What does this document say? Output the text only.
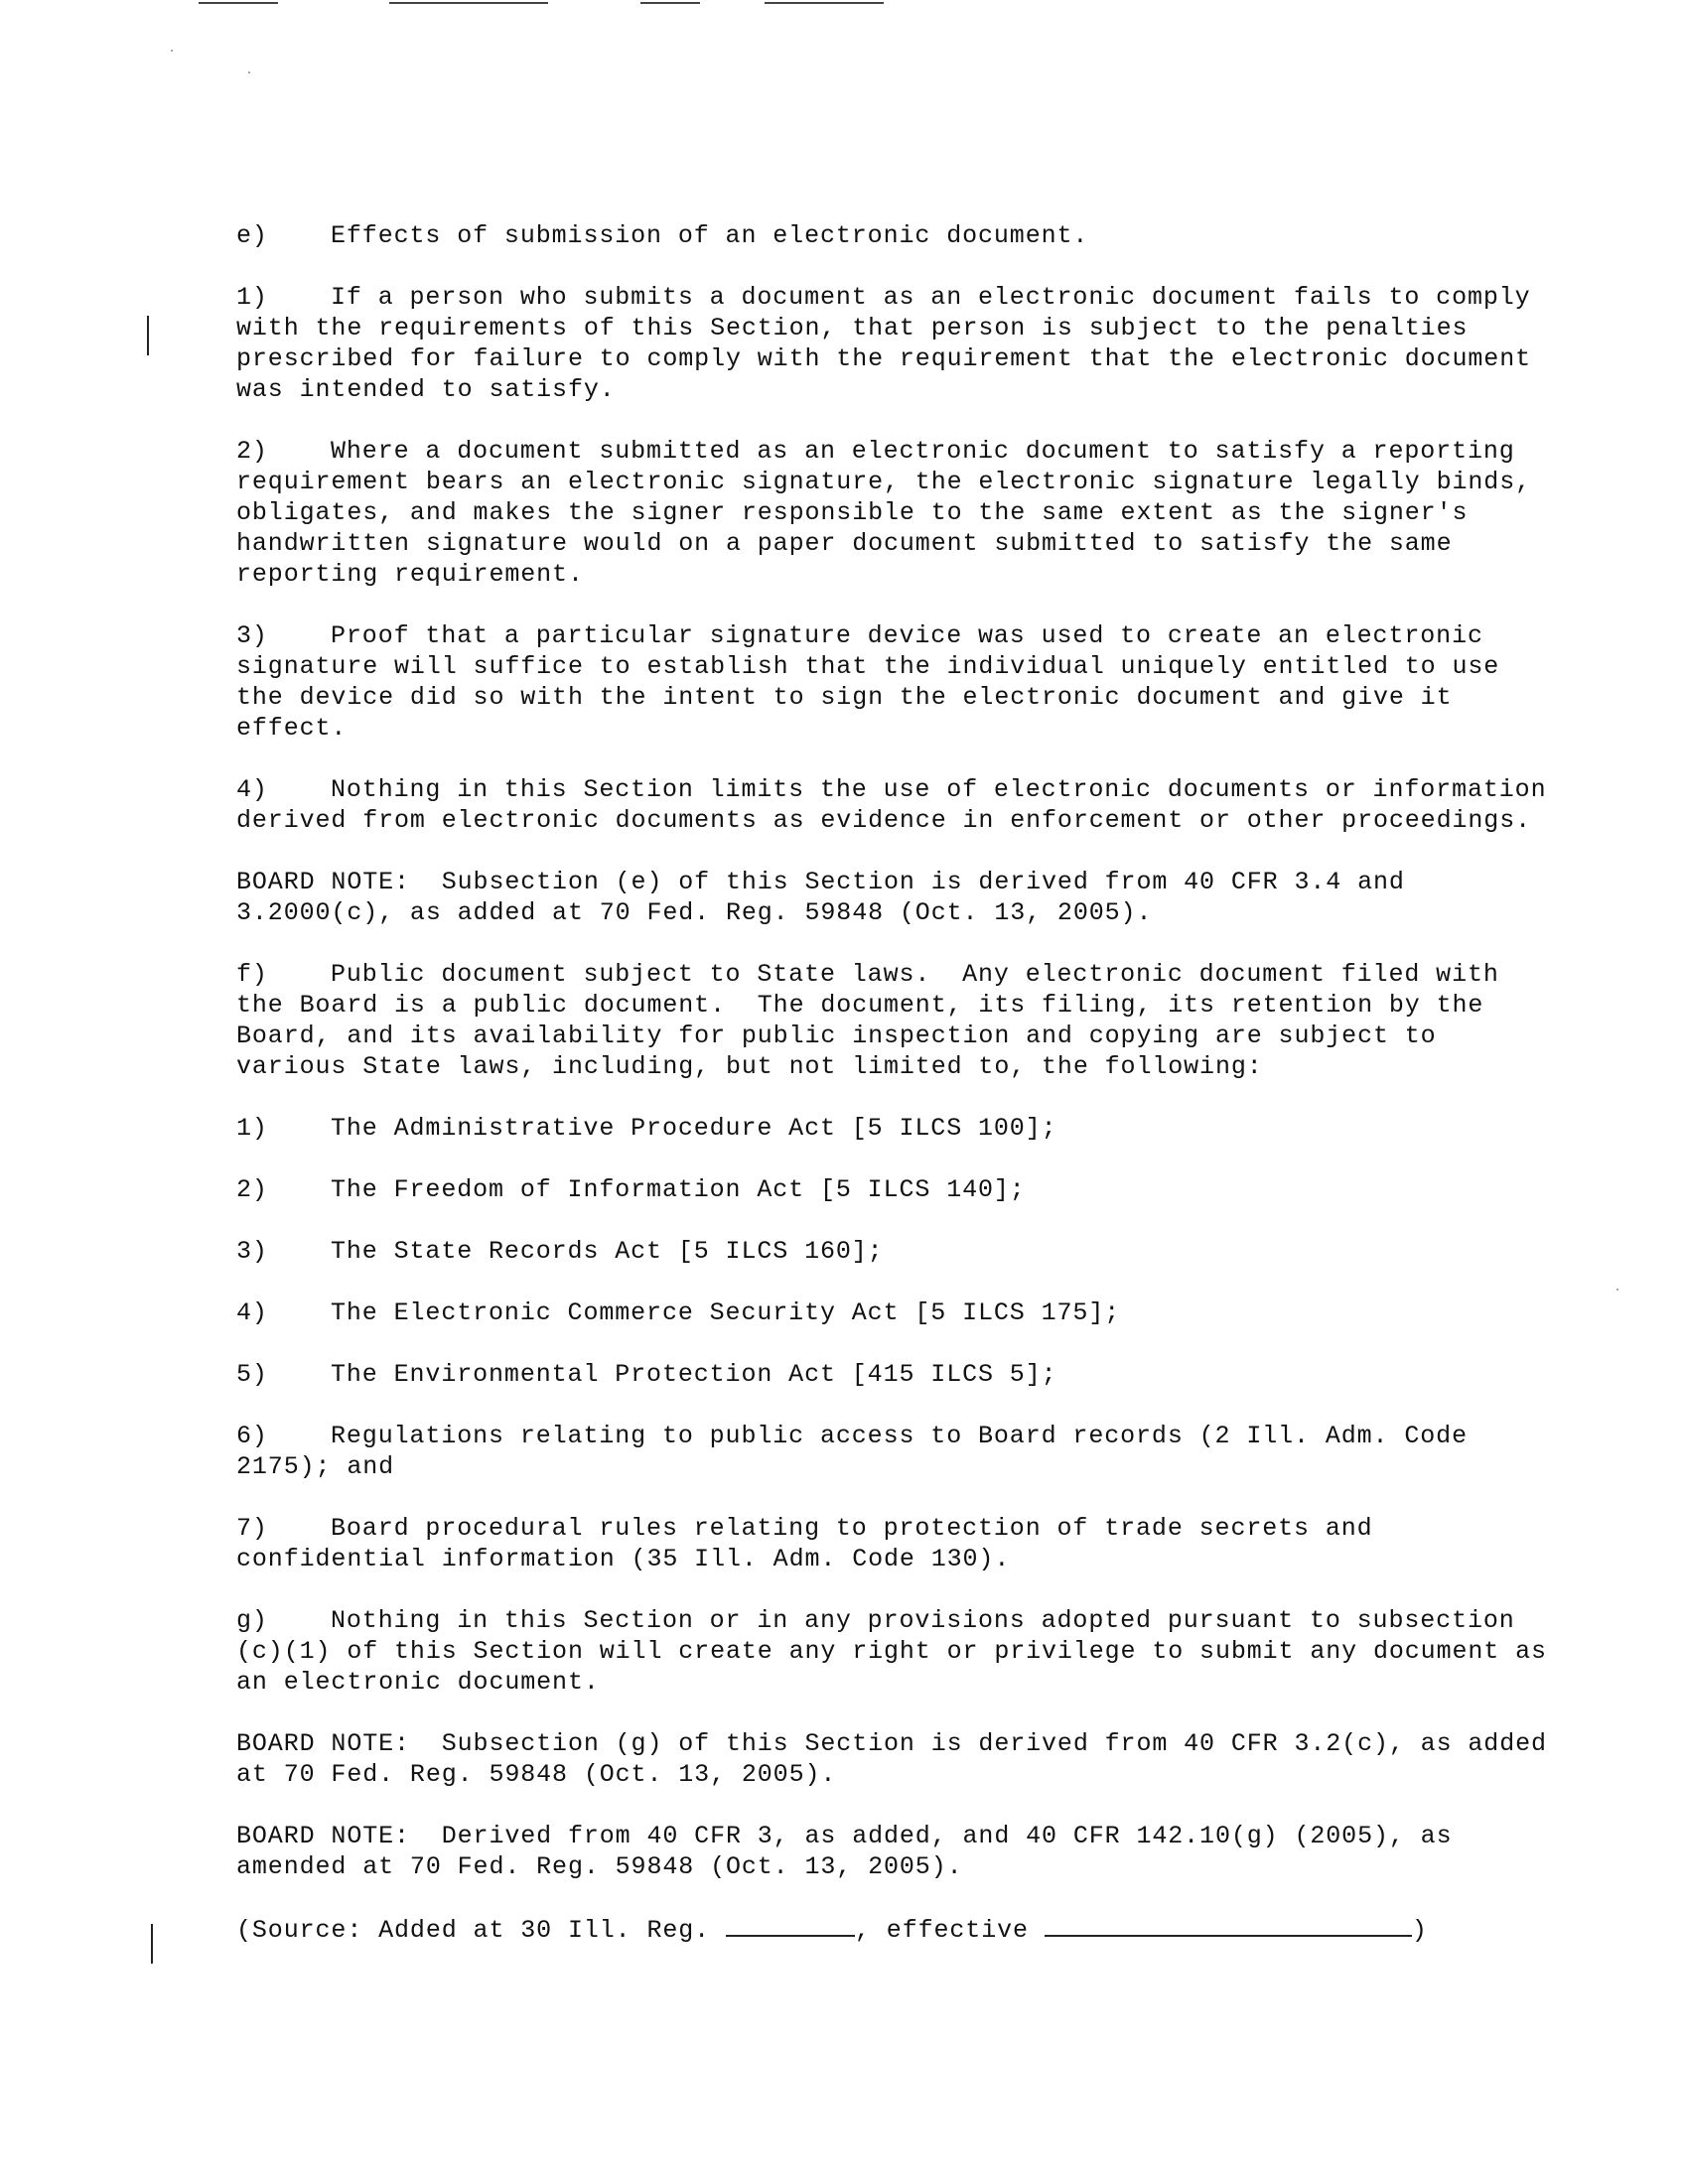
e)	Effects of submission of an electronic document.
1)	If a person who submits a document as an electronic document fails to comply with the requirements of this Section, that person is subject to the penalties prescribed for failure to comply with the requirement that the electronic document was intended to satisfy.
2)	Where a document submitted as an electronic document to satisfy a reporting requirement bears an electronic signature, the electronic signature legally binds, obligates, and makes the signer responsible to the same extent as the signer's handwritten signature would on a paper document submitted to satisfy the same reporting requirement.
3)	Proof that a particular signature device was used to create an electronic signature will suffice to establish that the individual uniquely entitled to use the device did so with the intent to sign the electronic document and give it effect.
4)	Nothing in this Section limits the use of electronic documents or information derived from electronic documents as evidence in enforcement or other proceedings.
BOARD NOTE:  Subsection (e) of this Section is derived from 40 CFR 3.4 and 3.2000(c), as added at 70 Fed. Reg. 59848 (Oct. 13, 2005).
f)	Public document subject to State laws.  Any electronic document filed with the Board is a public document.  The document, its filing, its retention by the Board, and its availability for public inspection and copying are subject to various State laws, including, but not limited to, the following:
1)	The Administrative Procedure Act [5 ILCS 100];
2)	The Freedom of Information Act [5 ILCS 140];
3)	The State Records Act [5 ILCS 160];
4)	The Electronic Commerce Security Act [5 ILCS 175];
5)	The Environmental Protection Act [415 ILCS 5];
6)	Regulations relating to public access to Board records (2 Ill. Adm. Code 2175); and
7)	Board procedural rules relating to protection of trade secrets and confidential information (35 Ill. Adm. Code 130).
g)	Nothing in this Section or in any provisions adopted pursuant to subsection (c)(1) of this Section will create any right or privilege to submit any document as an electronic document.
BOARD NOTE:  Subsection (g) of this Section is derived from 40 CFR 3.2(c), as added at 70 Fed. Reg. 59848 (Oct. 13, 2005).
BOARD NOTE:  Derived from 40 CFR 3, as added, and 40 CFR 142.10(g) (2005), as amended at 70 Fed. Reg. 59848 (Oct. 13, 2005).
(Source: Added at 30 Ill. Reg.	, effective	)
